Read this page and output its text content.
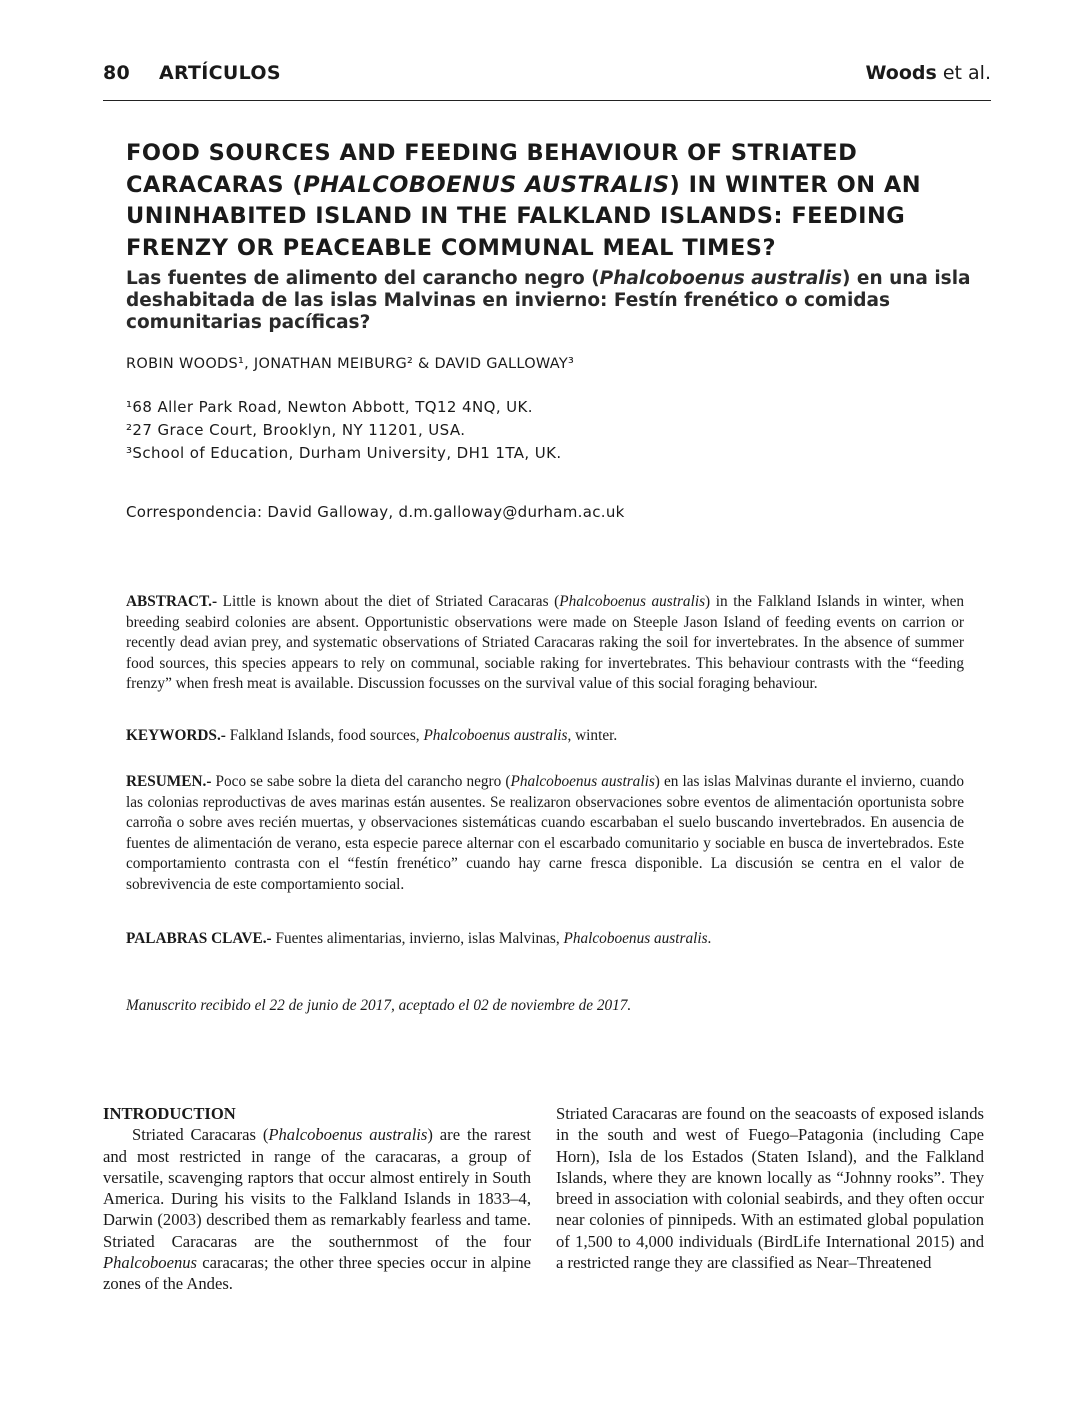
80 ARTÍCULOS	Woods et al.
FOOD SOURCES AND FEEDING BEHAVIOUR OF STRIATED CARACARAS (PHALCOBOENUS AUSTRALIS) IN WINTER ON AN UNINHABITED ISLAND IN THE FALKLAND ISLANDS: FEEDING FRENZY OR PEACEABLE COMMUNAL MEAL TIMES?
Las fuentes de alimento del carancho negro (Phalcoboenus australis) en una isla deshabitada de las islas Malvinas en invierno: Festín frenético o comidas comunitarias pacíficas?
ROBIN WOODS¹, JONATHAN MEIBURG² & DAVID GALLOWAY³
¹68 Aller Park Road, Newton Abbott, TQ12 4NQ, UK.
²27 Grace Court, Brooklyn, NY 11201, USA.
³School of Education, Durham University, DH1 1TA, UK.
Correspondencia: David Galloway, d.m.galloway@durham.ac.uk

ABSTRACT.- Little is known about the diet of Striated Caracaras (Phalcoboenus australis) in the Falkland Islands in winter, when breeding seabird colonies are absent. Opportunistic observations were made on Steeple Jason Island of feeding events on carrion or recently dead avian prey, and systematic observations of Striated Caracaras raking the soil for invertebrates. In the absence of summer food sources, this species appears to rely on communal, sociable raking for invertebrates. This behaviour contrasts with the “feeding frenzy” when fresh meat is available. Discussion focusses on the survival value of this social foraging behaviour.

KEYWORDS.- Falkland Islands, food sources, Phalcoboenus australis, winter.

RESUMEN.- Poco se sabe sobre la dieta del carancho negro (Phalcoboenus australis) en las islas Malvinas durante el invierno, cuando las colonias reproductivas de aves marinas están ausentes. Se realizaron observaciones sobre eventos de alimentación oportunista sobre carroña o sobre aves recién muertas, y observaciones sistemáticas cuando escarbaban el suelo buscando invertebrados. En ausencia de fuentes de alimentación de verano, esta especie parece alternar con el escarbado comunitario y sociable en busca de invertebrados. Este comportamiento contrasta con el “festín frenético” cuando hay carne fresca disponible. La discusión se centra en el valor de sobrevivencia de este comportamiento social.

PALABRAS CLAVE.- Fuentes alimentarias, invierno, islas Malvinas, Phalcoboenus australis.

Manuscrito recibido el 22 de junio de 2017, aceptado el 02 de noviembre de 2017.

INTRODUCTION

Striated Caracaras (Phalcoboenus australis) are the rarest and most restricted in range of the caracaras, a group of versatile, scavenging raptors that occur almost entirely in South America. During his visits to the Falkland Islands in 1833–4, Darwin (2003) described them as remarkably fearless and tame. Striated Caracaras are the southernmost of the four Phalcoboenus caracaras; the other three species occur in alpine zones of the Andes.

Striated Caracaras are found on the seacoasts of exposed islands in the south and west of Fuego–Patagonia (including Cape Horn), Isla de los Estados (Staten Island), and the Falkland Islands, where they are known locally as “Johnny rooks”. They breed in association with colonial seabirds, and they often occur near colonies of pinnipeds. With an estimated global population of 1,500 to 4,000 individuals (BirdLife International 2015) and a restricted range they are classified as Near–Threatened
